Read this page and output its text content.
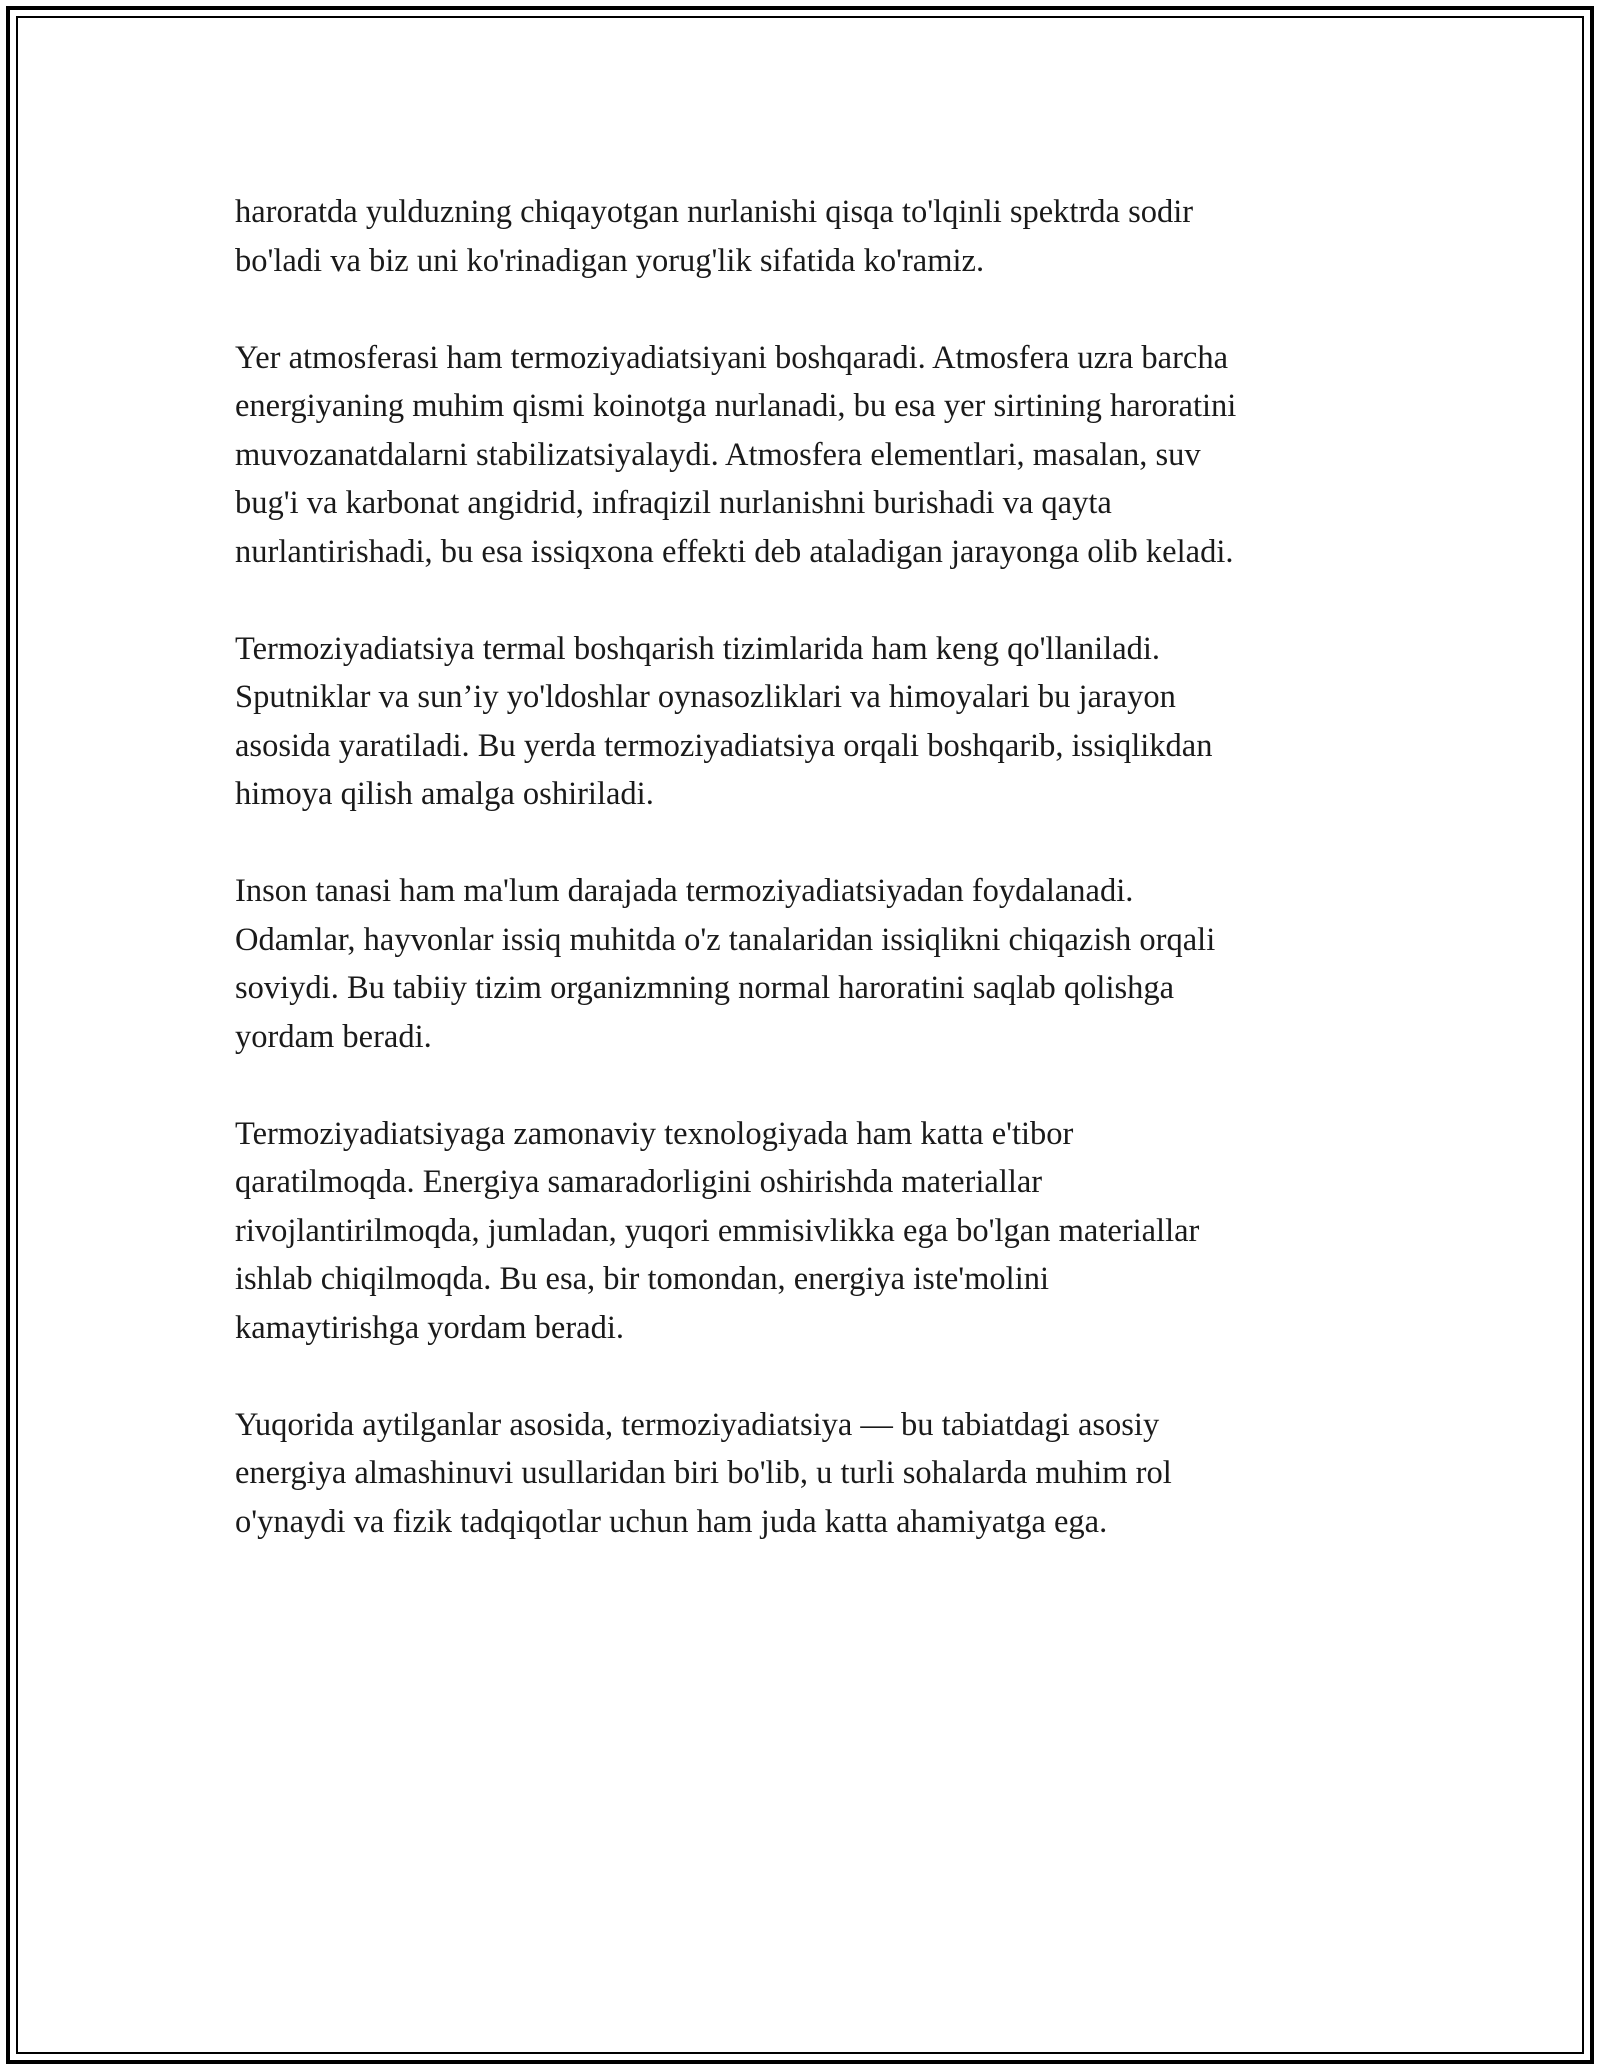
haroratda yulduzning chiqayotgan nurlanishi qisqa to'lqinli spektrda sodir
bo'ladi va biz uni ko'rinadigan yorug'lik sifatida ko'ramiz.

Yer atmosferasi ham termoziyadiatsiyani boshqaradi. Atmosfera uzra barcha
energiyaning muhim qismi koinotga nurlanadi, bu esa yer sirtining haroratini
muvozanatdalarni stabilizatsiyalaydi. Atmosfera elementlari, masalan, suv
bug'i va karbonat angidrid, infraqizil nurlanishni burishadi va qayta
nurlantirishadi, bu esa issiqxona effekti deb ataladigan jarayonga olib keladi.

Termoziyadiatsiya termal boshqarish tizimlarida ham keng qo'llaniladi.
Sputniklar va sun’iy yo'ldoshlar oynasozliklari va himoyalari bu jarayon
asosida yaratiladi. Bu yerda termoziyadiatsiya orqali boshqarib, issiqlikdan
himoya qilish amalga oshiriladi.

Inson tanasi ham ma'lum darajada termoziyadiatsiyadan foydalanadi.
Odamlar, hayvonlar issiq muhitda o'z tanalaridan issiqlikni chiqazish orqali
soviydi. Bu tabiiy tizim organizmning normal haroratini saqlab qolishga
yordam beradi.

Termoziyadiatsiyaga zamonaviy texnologiyada ham katta e'tibor
qaratilmoqda. Energiya samaradorligini oshirishda materiallar
rivojlantirilmoqda, jumladan, yuqori emmisivlikka ega bo'lgan materiallar
ishlab chiqilmoqda. Bu esa, bir tomondan, energiya iste'molini
kamaytirishga yordam beradi.

Yuqorida aytilganlar asosida, termoziyadiatsiya — bu tabiatdagi asosiy
energiya almashinuvi usullaridan biri bo'lib, u turli sohalarda muhim rol
o'ynaydi va fizik tadqiqotlar uchun ham juda katta ahamiyatga ega.
